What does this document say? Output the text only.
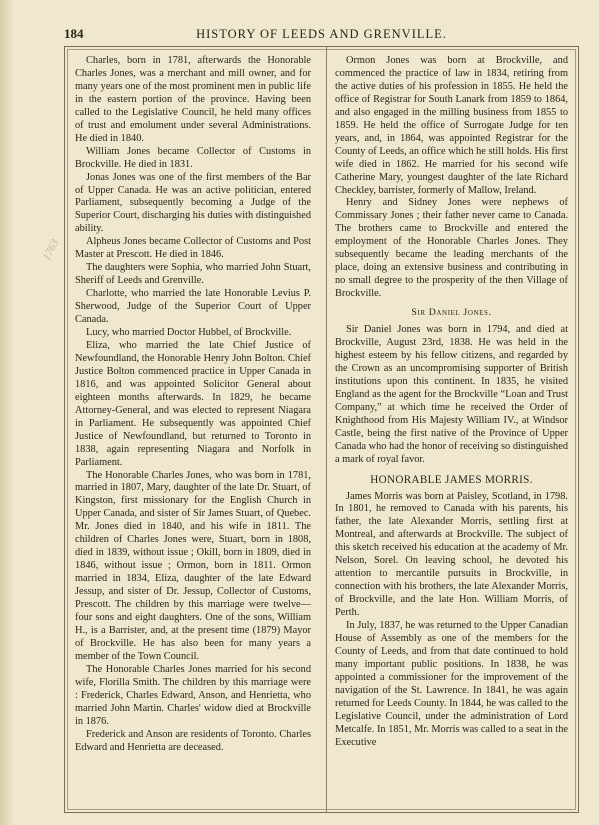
184	HISTORY OF LEEDS AND GRENVILLE.
1763

Charles, born in 1781, afterwards the Honorable Charles Jones, was a merchant and mill owner, and for many years one of the most prominent men in public life in the eastern portion of the province. Having been called to the Legislative Council, he held many offices of trust and emolument under several Administrations. He died in 1840.

William Jones became Collector of Customs in Brockville. He died in 1831.

Jonas Jones was one of the first members of the Bar of Upper Canada. He was an active politician, entered Parliament, subsequently becoming a Judge of the Superior Court, discharging his duties with distinguished ability.

Alpheus Jones became Collector of Customs and Post Master at Prescott. He died in 1846.

The daughters were Sophia, who married John Stuart, Sheriff of Leeds and Grenville.

Charlotte, who married the late Honorable Levius P. Sherwood, Judge of the Superior Court of Upper Canada.

Lucy, who married Doctor Hubbel, of Brockville.

Eliza, who married the late Chief Justice of Newfoundland, the Honorable Henry John Bolton. Chief Justice Bolton commenced practice in Upper Canada in 1816, and was appointed Solicitor General about eighteen months afterwards. In 1829, he became Attorney-General, and was elected to represent Niagara in Parliament. He subsequently was appointed Chief Justice of Newfoundland, but returned to Toronto in 1838, again representing Niagara and Norfolk in Parliament.

The Honorable Charles Jones, who was born in 1781, married in 1807, Mary, daughter of the late Dr. Stuart, of Kingston, first missionary for the English Church in Upper Canada, and sister of Sir James Stuart, of Quebec. Mr. Jones died in 1840, and his wife in 1811. The children of Charles Jones were, Stuart, born in 1808, died in 1839, without issue ; Okill, born in 1809, died in 1846, without issue ; Ormon, born in 1811. Ormon married in 1834, Eliza, daughter of the late Edward Jessup, and sister of Dr. Jessup, Collector of Customs, Prescott. The children by this marriage were twelve—four sons and eight daughters. One of the sons, William H., is a Barrister, and, at the present time (1879) Mayor of Brockville. He has also been for many years a member of the Town Council.

The Honorable Charles Jones married for his second wife, Florilla Smith. The children by this marriage were : Frederick, Charles Edward, Anson, and Henrietta, who married John Martin. Charles' widow died at Brockville in 1876.

Frederick and Anson are residents of Toronto. Charles Edward and Henrietta are deceased.

Ormon Jones was born at Brockville, and commenced the practice of law in 1834, retiring from the active duties of his profession in 1855. He held the office of Registrar for South Lanark from 1859 to 1864, and also engaged in the milling business from 1855 to 1859. He held the office of Surrogate Judge for ten years, and, in 1864, was appointed Registrar for the County of Leeds, an office which he still holds. His first wife died in 1862. He married for his second wife Catherine Mary, youngest daughter of the late Richard Checkley, barrister, formerly of Mallow, Ireland.

Henry and Sidney Jones were nephews of Commissary Jones ; their father never came to Canada. The brothers came to Brockville and entered the employment of the Honorable Charles Jones. They subsequently became the leading merchants of the place, doing an extensive business and contributing in no small degree to the prosperity of the then Village of Brockville.

Sir Daniel Jones.

Sir Daniel Jones was born in 1794, and died at Brockville, August 23rd, 1838. He was held in the highest esteem by his fellow citizens, and regarded by the Crown as an uncompromising supporter of British institutions upon this continent. In 1835, he visited England as the agent for the Brockville “Loan and Trust Company,” at which time he received the Order of Knighthood from His Majesty William IV., at Windsor Castle, being the first native of the Province of Upper Canada who had the honor of receiving so distinguished a mark of royal favor.

HONORABLE JAMES MORRIS.

James Morris was born at Paisley, Scotland, in 1798. In 1801, he removed to Canada with his parents, his father, the late Alexander Morris, settling first at Montreal, and afterwards at Brockville. The subject of this sketch received his education at the academy of Mr. Nelson, Sorel. On leaving school, he devoted his attention to mercantile pursuits in Brockville, in connection with his brothers, the late Alexander Morris, of Brockville, and the late Hon. William Morris, of Perth.

In July, 1837, he was returned to the Upper Canadian House of Assembly as one of the members for the County of Leeds, and from that date continued to hold many important public positions. In 1838, he was appointed a commissioner for the improvement of the navigation of the St. Lawrence. In 1841, he was again returned for Leeds County. In 1844, he was called to the Legislative Council, under the administration of Lord Metcalfe. In 1851, Mr. Morris was called to a seat in the Executive
